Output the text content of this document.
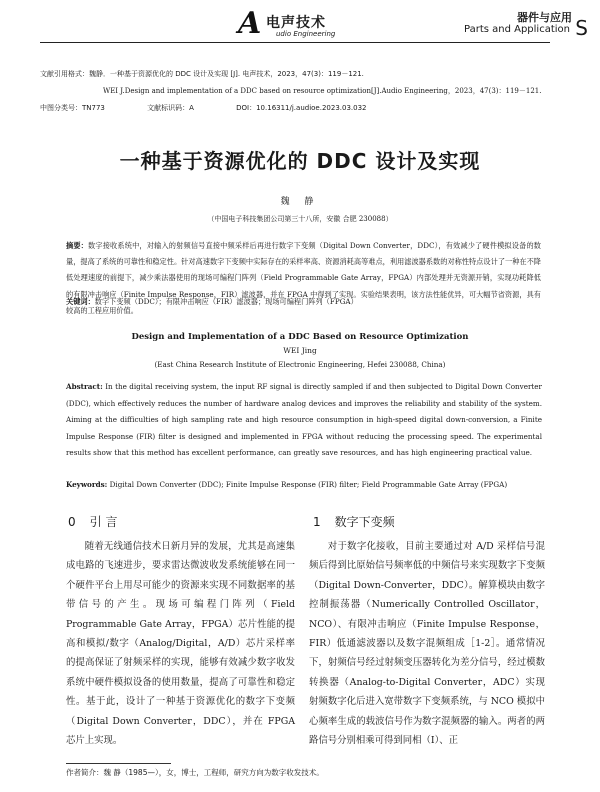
A 电声技术
udio Engineering
器件与应用
Parts and Application S
文献引用格式：魏静．一种基于资源优化的 DDC 设计及实现 [J]. 电声技术，2023，47(3)：119－121.
WEI J.Design and implementation of a DDC based on resource optimization[J].Audio Engineering，2023，47(3)：119－121.
中图分类号：TN773	文献标识码：A	DOI：10.16311/j.audioe.2023.03.032
一种基于资源优化的 DDC 设计及实现
魏 静
（中国电子科技集团公司第三十八所，安徽 合肥 230088）
摘要：数字接收系统中，对输入的射频信号直接中频采样后再进行数字下变频（Digital Down Converter，DDC），有效减少了硬件模拟设备的数量，提高了系统的可靠性和稳定性。针对高速数字下变频中实际存在的采样率高、资源消耗高等难点，利用滤波器系数的对称性特点设计了一种在不降低处理速度的前提下，减少乘法器使用的现场可编程门阵列（Field Programmable Gate Array，FPGA）内部处理并无资源开销，实现功耗降低的有限冲击响应（Finite Impulse Response，FIR）滤波器，并在 FPGA 中得到了实现。实验结果表明，该方法性能优异，可大幅节省资源，具有较高的工程应用价值。
关键词：数字下变频（DDC）；有限冲击响应（FIR）滤波器；现场可编程门阵列（FPGA）
Design and Implementation of a DDC Based on Resource Optimization
WEI Jing
(East China Research Institute of Electronic Engineering, Hefei 230088, China)
Abstract: In the digital receiving system, the input RF signal is directly sampled if and then subjected to Digital Down Converter (DDC), which effectively reduces the number of hardware analog devices and improves the reliability and stability of the system. Aiming at the difficulties of high sampling rate and high resource consumption in high-speed digital down-conversion, a Finite Impulse Response (FIR) filter is designed and implemented in FPGA without reducing the processing speed. The experimental results show that this method has excellent performance, can greatly save resources, and has high engineering practical value.
Keywords: Digital Down Converter (DDC); Finite Impulse Response (FIR) filter; Field Programmable Gate Array (FPGA)
0 引 言
随着无线通信技术日新月异的发展，尤其是高速集成电路的飞速进步，要求雷达微波收发系统能够在同一个硬件平台上用尽可能少的资源来实现不同数据率的基带信号的产生。现场可编程门阵列（Field Programmable Gate Array，FPGA）芯片性能的提高和模拟/数字（Analog/Digital，A/D）芯片采样率的提高保证了射频采样的实现，能够有效减少数字收发系统中硬件模拟设备的使用数量，提高了可靠性和稳定性。基于此，设计了一种基于资源优化的数字下变频（Digital Down Converter，DDC），并在 FPGA 芯片上实现。
1 数字下变频
对于数字化接收，目前主要通过对 A/D 采样信号混频后得到比原始信号频率低的中频信号来实现数字下变频（Digital Down-Converter，DDC）。解算模块由数字控制振荡器（Numerically Controlled Oscillator，NCO）、有限冲击响应（Finite Impulse Response，FIR）低通滤波器以及数字混频组成［1-2］。通常情况下，射频信号经过射频变压器转化为差分信号，经过模数转换器（Analog-to-Digital Converter，ADC）实现射频数字化后进入宽带数字下变频系统，与 NCO 模拟中心频率生成的载波信号作为数字混频器的输入。两者的两路信号分别相乘可得到同相（I）、正
作者简介：魏 静（1985—），女，博士，工程师，研究方向为数字收发技术。
